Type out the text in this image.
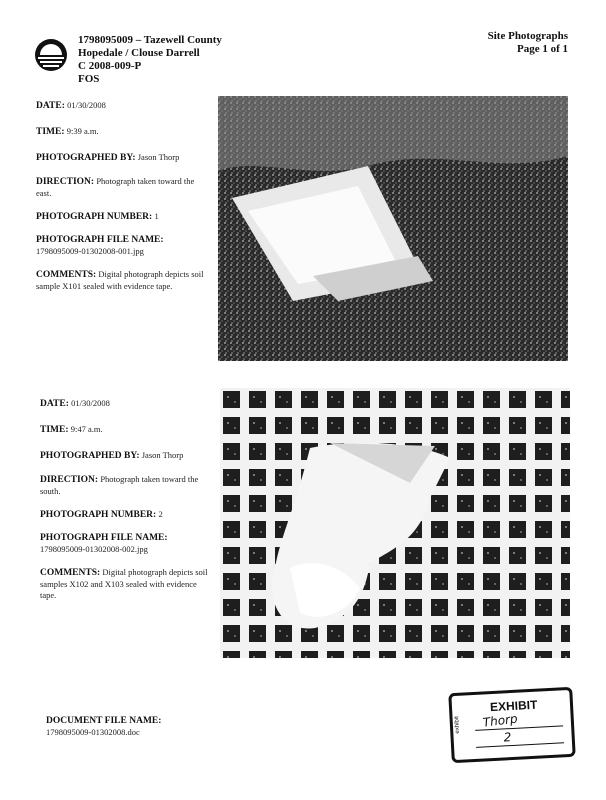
1798095009 – Tazewell County
Hopedale / Clouse Darrell
C 2008-009-P
FOS
Site Photographs
Page 1 of 1
DATE: 01/30/2008
TIME: 9:39 a.m.
PHOTOGRAPHED BY: Jason Thorp
DIRECTION: Photograph taken toward the east.
PHOTOGRAPH NUMBER: 1
PHOTOGRAPH FILE NAME:
1798095009-01302008-001.jpg
COMMENTS: Digital photograph depicts soil sample X101 sealed with evidence tape.
DATE: 01/30/2008
TIME: 9:47 a.m.
PHOTOGRAPHED BY: Jason Thorp
DIRECTION: Photograph taken toward the south.
PHOTOGRAPH NUMBER: 2
PHOTOGRAPH FILE NAME:
1798095009-01302008-002.jpg
COMMENTS: Digital photograph depicts soil samples X102 and X103 sealed with evidence tape.
DOCUMENT FILE NAME:
1798095009-01302008.doc	exhibit
EXHIBIT
Thorp
2
